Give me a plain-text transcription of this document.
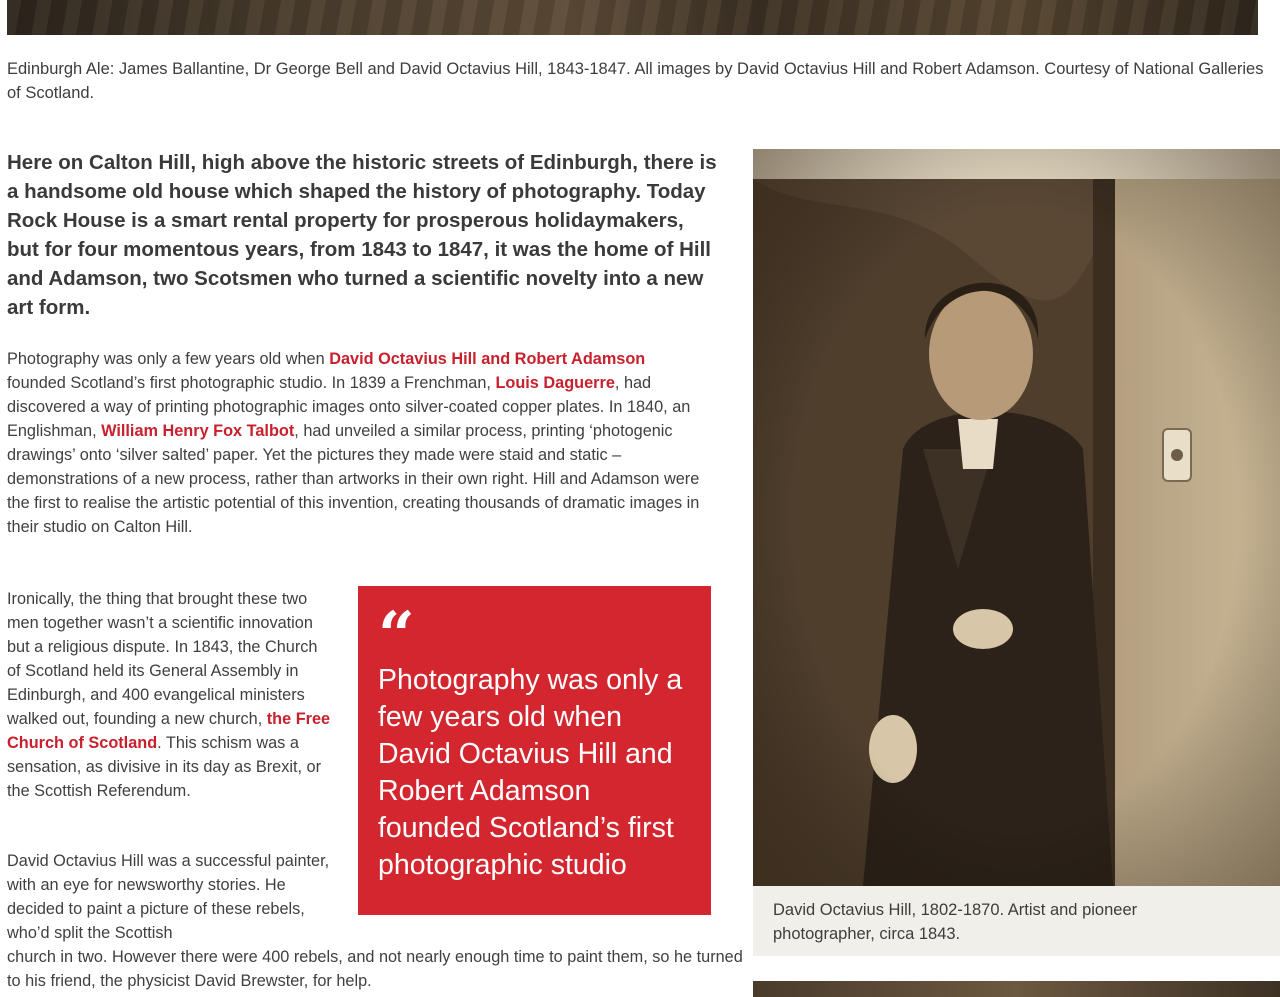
Edinburgh Ale: James Ballantine, Dr George Bell and David Octavius Hill, 1843-1847. All images by David Octavius Hill and Robert Adamson. Courtesy of National Galleries of Scotland.

Here on Calton Hill, high above the historic streets of Edinburgh, there is a handsome old house which shaped the history of photography. Today Rock House is a smart rental property for prosperous holidaymakers, but for four momentous years, from 1843 to 1847, it was the home of Hill and Adamson, two Scotsmen who turned a scientific novelty into a new art form.

Photography was only a few years old when David Octavius Hill and Robert Adamson founded Scotland’s first photographic studio. In 1839 a Frenchman, Louis Daguerre, had discovered a way of printing photographic images onto silver-coated copper plates. In 1840, an Englishman, William Henry Fox Talbot, had unveiled a similar process, printing ‘photogenic drawings’ onto ‘silver salted’ paper. Yet the pictures they made were staid and static – demonstrations of a new process, rather than artworks in their own right. Hill and Adamson were the first to realise the artistic potential of this invention, creating thousands of dramatic images in their studio on Calton Hill.

Ironically, the thing that brought these two men together wasn’t a scientific innovation but a religious dispute. In 1843, the Church of Scotland held its General Assembly in Edinburgh, and 400 evangelical ministers walked out, founding a new church, the Free Church of Scotland. This schism was a sensation, as divisive in its day as Brexit, or the Scottish Referendum.

David Octavius Hill was a successful painter, with an eye for newsworthy stories. He decided to paint a picture of these rebels, who’d split the Scottish

church in two. However there were 400 rebels, and not nearly enough time to paint them, so he turned to his friend, the physicist David Brewster, for help.

“
Photography was only a few years old when David Octavius Hill and Robert Adamson founded Scotland’s first photographic studio

David Octavius Hill, 1802-1870. Artist and pioneer photographer, circa 1843.
